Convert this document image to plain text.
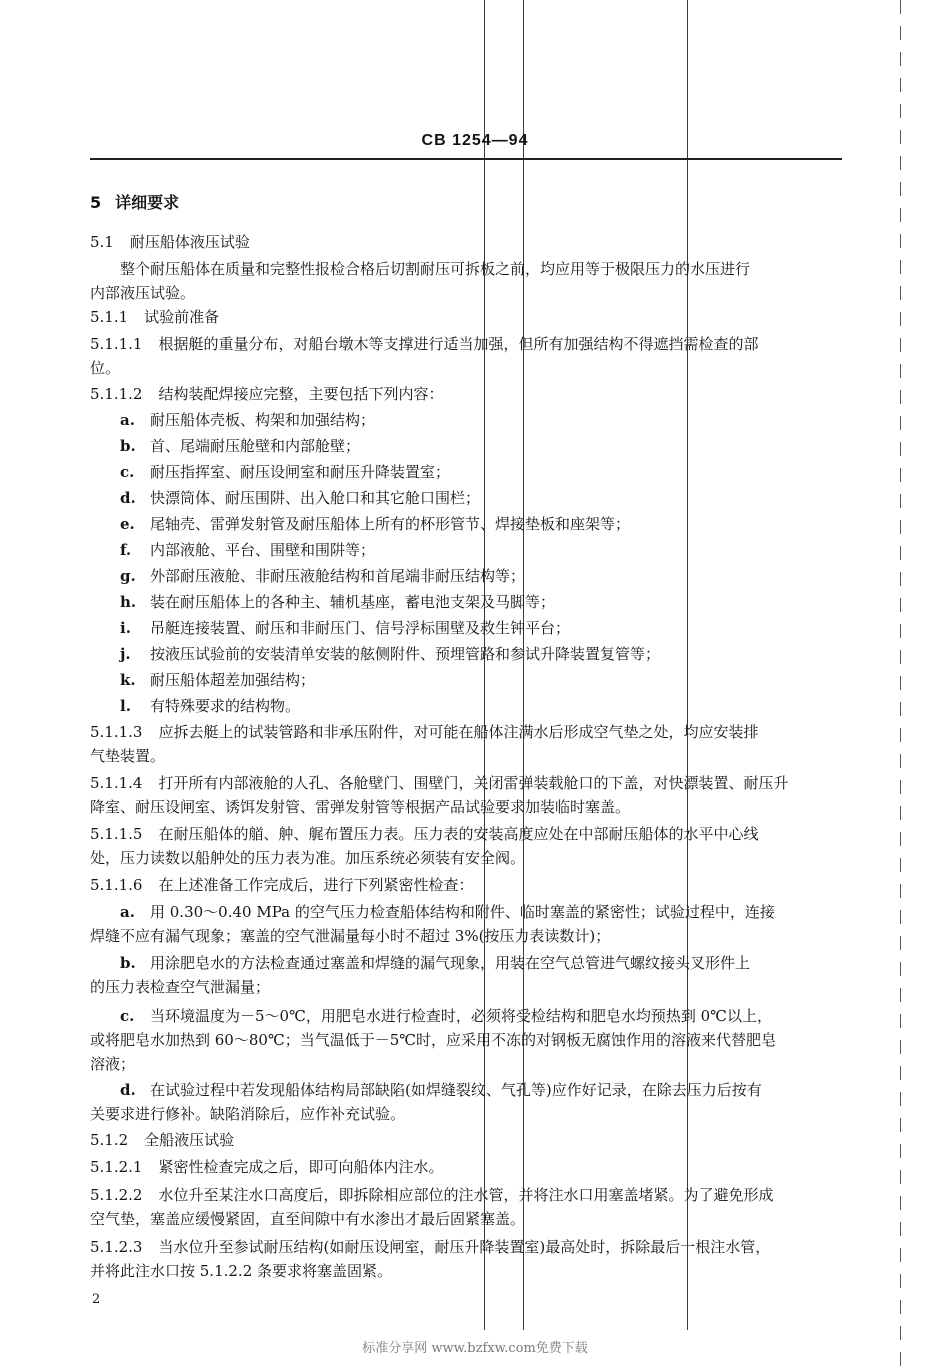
CB 1254—94
5 详细要求
5.1 耐压船体液压试验
整个耐压船体在质量和完整性报检合格后切割耐压可拆板之前，均应用等于极限压力的水压进行
内部液压试验。
5.1.1 试验前准备
5.1.1.1 根据艇的重量分布，对船台墩木等支撑进行适当加强，但所有加强结构不得遮挡需检查的部
位。
5.1.1.2 结构装配焊接应完整，主要包括下列内容：
a. 耐压船体壳板、构架和加强结构；
b. 首、尾端耐压舱壁和内部舱壁；
c. 耐压指挥室、耐压设闸室和耐压升降装置室；
d. 快漂筒体、耐压围阱、出入舱口和其它舱口围栏；
e. 尾轴壳、雷弹发射管及耐压船体上所有的杯形管节、焊接垫板和座架等；
f. 内部液舱、平台、围壁和围阱等；
g. 外部耐压液舱、非耐压液舱结构和首尾端非耐压结构等；
h. 装在耐压船体上的各种主、辅机基座，蓄电池支架及马脚等；
i. 吊艇连接装置、耐压和非耐压门、信号浮标围壁及救生钟平台；
j. 按液压试验前的安装清单安装的舷侧附件、预埋管路和参试升降装置复管等；
k. 耐压船体超差加强结构；
l. 有特殊要求的结构物。
5.1.1.3 应拆去艇上的试装管路和非承压附件，对可能在船体注满水后形成空气垫之处，均应安装排
气垫装置。
5.1.1.4 打开所有内部液舱的人孔、各舱壁门、围壁门，关闭雷弹装载舱口的下盖，对快漂装置、耐压升
降室、耐压设闸室、诱饵发射管、雷弹发射管等根据产品试验要求加装临时塞盖。
5.1.1.5 在耐压船体的艏、舯、艉布置压力表。压力表的安装高度应处在中部耐压船体的水平中心线
处，压力读数以船舯处的压力表为准。加压系统必须装有安全阀。
5.1.1.6 在上述准备工作完成后，进行下列紧密性检查：
a. 用 0.30～0.40 MPa 的空气压力检查船体结构和附件、临时塞盖的紧密性；试验过程中，连接
焊缝不应有漏气现象；塞盖的空气泄漏量每小时不超过 3%(按压力表读数计)；
b. 用涂肥皂水的方法检查通过塞盖和焊缝的漏气现象，用装在空气总管进气螺纹接头叉形件上
的压力表检查空气泄漏量；
c. 当环境温度为－5～0℃，用肥皂水进行检查时，必须将受检结构和肥皂水均预热到 0℃以上，
或将肥皂水加热到 60～80℃；当气温低于－5℃时，应采用不冻的对钢板无腐蚀作用的溶液来代替肥皂
溶液；
d. 在试验过程中若发现船体结构局部缺陷(如焊缝裂纹、气孔等)应作好记录，在除去压力后按有
关要求进行修补。缺陷消除后，应作补充试验。
5.1.2 全船液压试验
5.1.2.1 紧密性检查完成之后，即可向船体内注水。
5.1.2.2 水位升至某注水口高度后，即拆除相应部位的注水管，并将注水口用塞盖堵紧。为了避免形成
空气垫，塞盖应缓慢紧固，直至间隙中有水渗出才最后固紧塞盖。
5.1.2.3 当水位升至参试耐压结构(如耐压设闸室，耐压升降装置室)最高处时，拆除最后一根注水管，
并将此注水口按 5.1.2.2 条要求将塞盖固紧。
2
标准分享网 www.bzfxw.com免费下载
